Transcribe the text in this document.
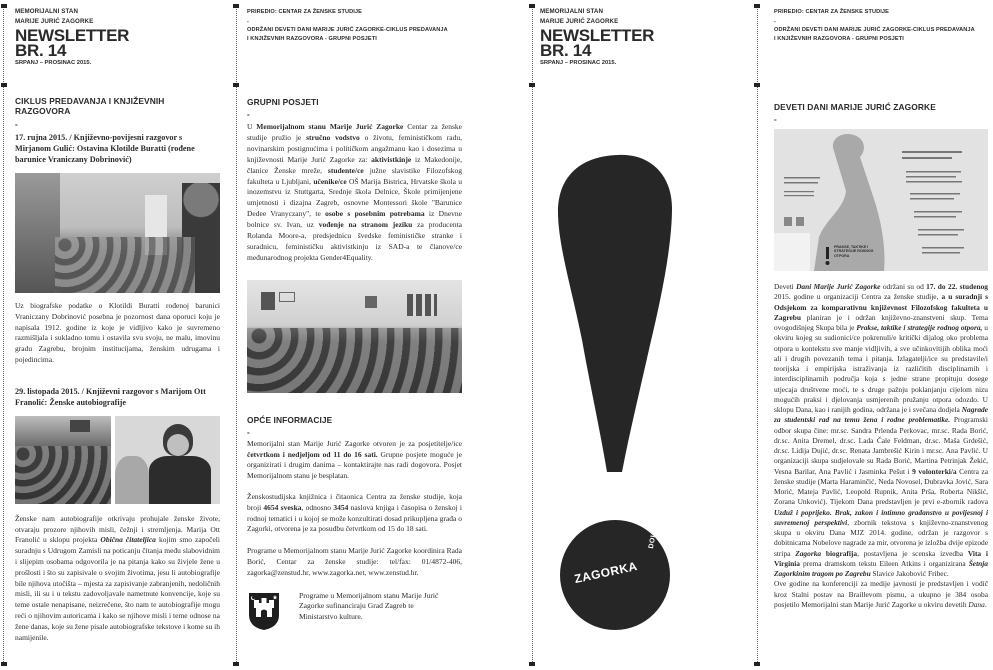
MEMORIJALNI STAN
MARIJE JURIĆ ZAGORKE
NEWSLETTER
BR. 14
SRPANJ – PROSINAC 2015.
CIKLUS PREDAVANJA I KNJIŽEVNIH RAZGOVORA
-
17. rujna 2015. / Književno-povijesni razgovor s Mirjanom Gulić: Ostavina Klotilde Buratti (rođene barunice Vraniczany Dobrinović)

Uz biografske podatke o Klotildi Buratti rođenoj barunici Vraniczany Dobrinović posebna je pozornost dana oporuci koju je napisala 1912. godine iz koje je vidljivo kako je suvremeno razmišljala i sukladno tomu i ostavila svu svoju, ne malu, imovinu gradu Zagrebu, brojnim institucijama, ženskim udrugama i pojedincima.

29. listopada 2015. / Književni razgovor s Marijom Ott Franolić: Ženske autobiografije

Ženske nam autobiografije otkrivaju prohujale ženske živote, otvaraju prozore njihovih misli, čežnji i stremljenja. Marija Ott Franolić u sklopu projekta Obična čitateljica kojim smo započeli suradnju s Udrugom Zamisli na poticanju čitanja među slabovidnim i slijepim osobama odgovorila je na pitanja kako su živjele žene u prošlosti i što su zapisivale o svojim životima, jesu li autobiografije bile njihova utočišta – mjesta za zapisivanje zabranjenih, nedoličnih misli, ili su i u tekstu zadovoljavale nametnute konvencije, koje su teme ostale nenapisane, neizrečene, što nam te autobiografije mogu reći o njihovim autoricama i kako se njihove misli i teme odnose na žene danas, koje su žene pisale autobiografske tekstove i kome su ih namijenile.

PRIREDIO: CENTAR ZA ŽENSKE STUDIJE
-
ODRŽANI DEVETI DANI MARIJE JURIĆ ZAGORKE-CIKLUS PREDAVANJA
I KNJIŽEVNIH RAZGOVORA - GRUPNI POSJETI
GRUPNI POSJETI
-

U Memorijalnom stanu Marije Jurić Zagorke Centar za ženske studije pružio je stručno vodstvo o životu, feminističkom radu, novinarskim postignućima i političkom angažmanu kao i dosezima u književnosti Marije Jurić Zagorke za: aktivistkinje iz Makedonije, članice Ženske mreže, studente/ce južne slavistike Filozofskog fakulteta u Ljubljani, učenike/ce OŠ Marija Bistrica, Hrvatske škola u inozemstvu iz Stuttgarta, Srednje škola Delnice, Škole primijenjene umjetnosti i dizajna Zagreb, osnovne Montessori škole "Barunice Dedee Vranyczany", te osobe s posebnim potrebama iz Dnevne bolnice sv. Ivan, uz vođenje na stranom jeziku za producenta Rolanda Moore-a, predsjednicu švedske feminističke stranke i suradnicu, feminističku aktivistkinju iz SAD-a te članove/ce međunarodnog projekta Gender4Equality.

OPĆE INFORMACIJE
-

Memorijalni stan Marije Jurić Zagorke otvoren je za posjetitelje/ice četvrtkom i nedjeljom od 11 do 16 sati. Grupne posjete moguće je organizirati i drugim danima – kontaktirajte nas radi dogovora. Posjet Memorijalnom stanu je besplatan.

Ženskostudijska knjižnica i čitaonica Centra za ženske studije, koja broji 4654 sveska, odnosno 3454 naslova knjiga i časopisa o ženskoj i rodnoj tematici i u kojoj se može konzultirati dosad prikupljena građa o Zagorki, otvorena je za posudbu četvrtkom od 15 do 18 sati.

Programe u Memorijalnom stanu Marije Jurić Zagorke koordinira Rada Borić, Centar za ženske studije: tel/fax: 01/4872-406, zagorka@zenstud.hr, www.zagorka.net, www.zenstud.hr.

Programe u Memorijalnom stanu Marije Jurić Zagorke sufinanciraju Grad Zagreb te Ministarstvo kulture.

MEMORIJALNI STAN
MARIJE JURIĆ ZAGORKE
NEWSLETTER
BR. 14
SRPANJ – PROSINAC 2015.
ZAGORKA
DOLAC 8
PRIREDIO: CENTAR ZA ŽENSKE STUDIJE
-
ODRŽANI DEVETI DANI MARIJE JURIĆ ZAGORKE-CIKLUS PREDAVANJA
I KNJIŽEVNIH RAZGOVORA - GRUPNI POSJETI
DEVETI DANI MARIJE JURIĆ ZAGORKE
-
PRAKSE, TAKTIKE I STRATEGIJE RODNOG OTPORA

Deveti Dani Marije Jurić Zagorke održani su od 17. do 22. studenog 2015. godine u organizaciji Centra za ženske studije, a u suradnji s Odsjekom za komparativnu književnost Filozofskog fakulteta u Zagrebu planiran je i održan književno-znanstveni skup. Tema ovogodišnjeg Skupa bila je Prakse, taktike i strategije rodnog otpora, u okviru kojeg su sudionici/ce pokrenuli/e kritički dijalog oko problema otpora u kontekstu sve manje vidljivih, a sve učinkovitijih oblika moći ali i drugih povezanih tema i pitanja. Izlagatelji/ice su predstavile/i teorijska i empirijska istraživanja iz različitih disciplinarnih i interdisciplinarnih područja koja s jedne strane propituju dosege utjecaja društvene moći, te s druge pažnju poklanjanju cijelom nizu mogućih praksi i djelovanja usmjerenih pružanju otpora odozdo. U sklopu Dana, kao i ranijih godina, održana je i svečana dodjela Nagrade za studentski rad na temu žena i rodne problematike. Programski odbor skupa čine: mr.sc. Sandra Prlenda Perkovac, mr.sc. Rada Borić, dr.sc. Anita Dremel, dr.sc. Lada Čale Feldman, dr.sc. Maša Grdešić, dr.sc. Lidija Dujić, dr.sc. Renata Jambrešić Kirin i mr.sc. Ana Pavlić. U organizaciji skupa sudjelovale su Rada Borić, Martina Petrinjak Žekić, Vesna Barilar, Ana Pavlić i Jasminka Pešut i 9 volonterki/a Centra za ženske studije (Marta Haraminčić, Neda Novosel, Dubravka Jović, Sara Morić, Mateja Pavlić, Leopold Rupnik, Anita Prša, Roberta Nikšić, Zorana Unković). Tijekom Dana predstavljen je prvi e-zbornik radova Uzduž i poprijeko. Brak, zakon i intimno građanstvo u povijesnoj i suvremenoj perspektivi, zbornik tekstova s književno-znanstvenog skupa u okviru Dana MJZ 2014. godine, održan je razgovor s dobitnicama Nobelove nagrade za mir, otvorena je izložba dvije epizode stripa Zagorka biografija, postavljena je scenska izvedba Vita i Virginia prema dramskom tekstu Eileen Atkins i organizirana Šetnja Zagorkinim tragom po Zagrebu Slavice Jakobović Fribec.

Ove godine na konferenciji za medije javnosti je predstavljen i vodič kroz Stalni postav na Braillevom pismu, a ukupno je 384 osoba posjetilo Memorijalni stan Marije Jurić Zagorke u okviru devetih Dana.
